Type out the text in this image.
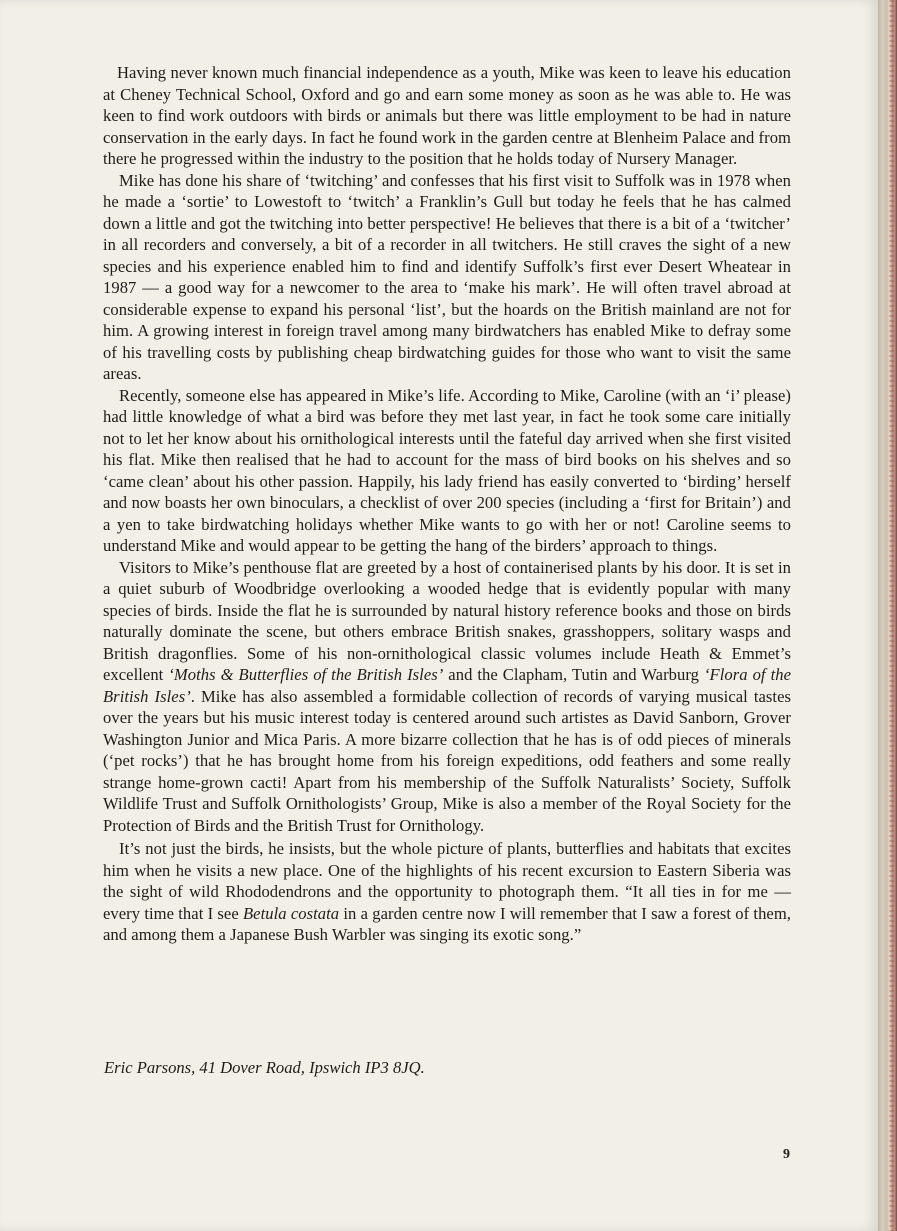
Having never known much financial independence as a youth, Mike was keen to leave his education at Cheney Technical School, Oxford and go and earn some money as soon as he was able to. He was keen to find work outdoors with birds or animals but there was little employment to be had in nature conservation in the early days. In fact he found work in the garden centre at Blenheim Palace and from there he progressed within the industry to the position that he holds today of Nursery Manager.

Mike has done his share of ‘twitching’ and confesses that his first visit to Suffolk was in 1978 when he made a ‘sortie’ to Lowestoft to ‘twitch’ a Franklin’s Gull but today he feels that he has calmed down a little and got the twitching into better perspective! He believes that there is a bit of a ‘twitcher’ in all recorders and conversely, a bit of a recorder in all twitchers. He still craves the sight of a new species and his experience enabled him to find and identify Suffolk’s first ever Desert Wheatear in 1987 — a good way for a newcomer to the area to ‘make his mark’. He will often travel abroad at considerable expense to expand his personal ‘list’, but the hoards on the British mainland are not for him. A growing interest in foreign travel among many birdwatchers has enabled Mike to defray some of his travelling costs by publishing cheap birdwatching guides for those who want to visit the same areas.

Recently, someone else has appeared in Mike’s life. According to Mike, Caroline (with an ‘i’ please) had little knowledge of what a bird was before they met last year, in fact he took some care initially not to let her know about his ornithological interests until the fateful day arrived when she first visited his flat. Mike then realised that he had to account for the mass of bird books on his shelves and so ‘came clean’ about his other passion. Happily, his lady friend has easily converted to ‘birding’ herself and now boasts her own binoculars, a checklist of over 200 species (including a ‘first for Britain’) and a yen to take birdwatching holidays whether Mike wants to go with her or not! Caroline seems to understand Mike and would appear to be getting the hang of the birders’ approach to things.

Visitors to Mike’s penthouse flat are greeted by a host of containerised plants by his door. It is set in a quiet suburb of Woodbridge overlooking a wooded hedge that is evidently popular with many species of birds. Inside the flat he is surrounded by natural history reference books and those on birds naturally dominate the scene, but others embrace British snakes, grasshoppers, solitary wasps and British dragonflies. Some of his non-ornithological classic volumes include Heath & Emmet’s excellent ‘Moths & Butterflies of the British Isles’ and the Clapham, Tutin and Warburg ‘Flora of the British Isles’. Mike has also assembled a formidable collection of records of varying musical tastes over the years but his music interest today is centered around such artistes as David Sanborn, Grover Washington Junior and Mica Paris. A more bizarre collection that he has is of odd pieces of minerals (‘pet rocks’) that he has brought home from his foreign expeditions, odd feathers and some really strange home-grown cacti! Apart from his membership of the Suffolk Naturalists’ Society, Suffolk Wildlife Trust and Suffolk Ornithologists’ Group, Mike is also a member of the Royal Society for the Protection of Birds and the British Trust for Ornithology.

It’s not just the birds, he insists, but the whole picture of plants, butterflies and habitats that excites him when he visits a new place. One of the highlights of his recent excursion to Eastern Siberia was the sight of wild Rhododendrons and the opportunity to photograph them. “It all ties in for me — every time that I see Betula costata in a garden centre now I will remember that I saw a forest of them, and among them a Japanese Bush Warbler was singing its exotic song.”

Eric Parsons, 41 Dover Road, Ipswich IP3 8JQ.
9
